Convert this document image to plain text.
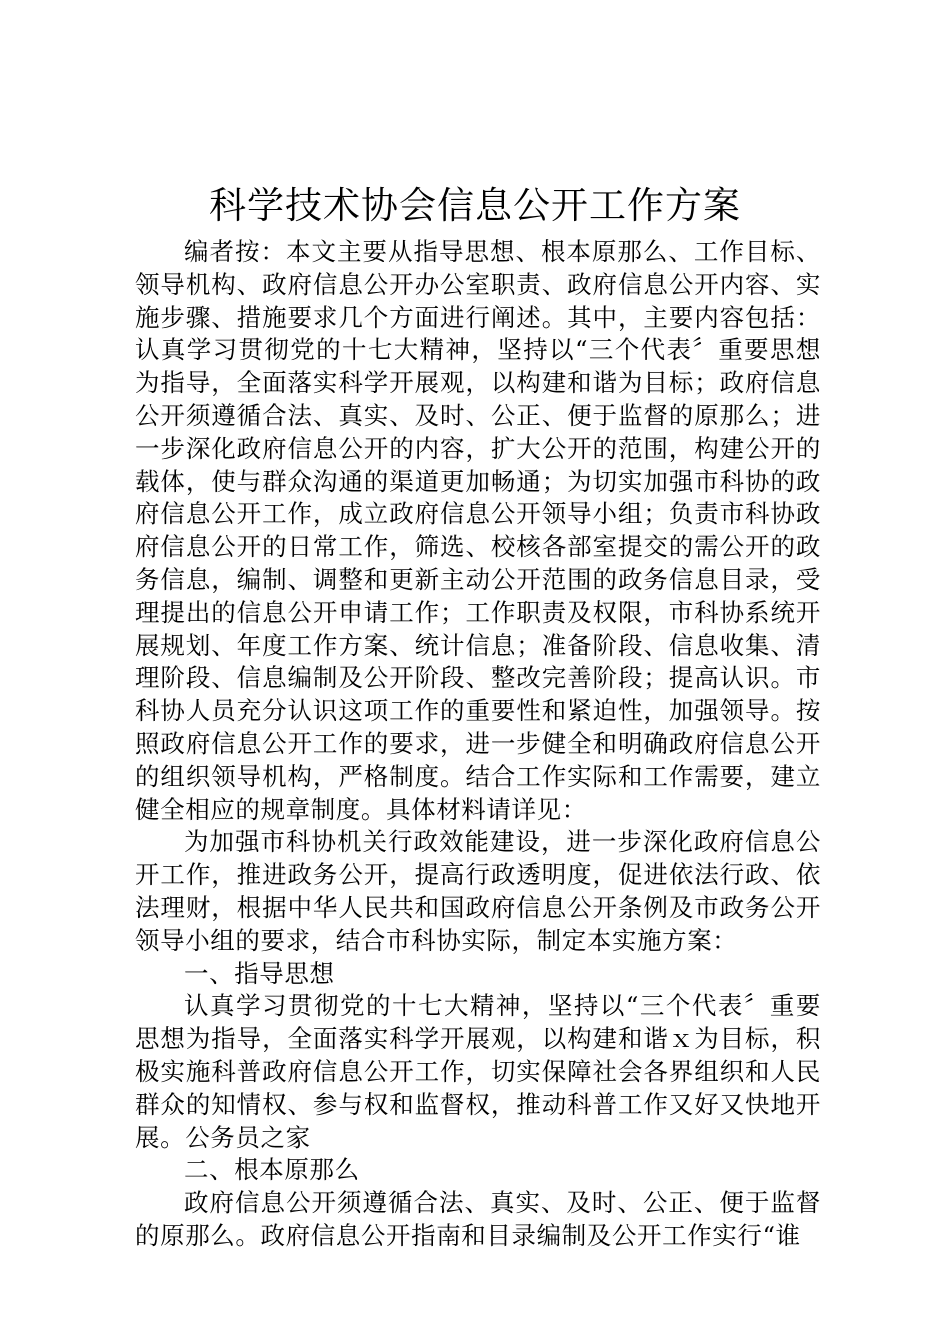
科学技术协会信息公开工作方案

编者按：本文主要从指导思想、根本原那么、工作目标、领导机构、政府信息公开办公室职责、政府信息公开内容、实施步骤、措施要求几个方面进行阐述。其中，主要内容包括：认真学习贯彻党的十七大精神，坚持以“三个代表〞重要思想为指导，全面落实科学开展观，以构建和谐为目标；政府信息公开须遵循合法、真实、及时、公正、便于监督的原那么；进一步深化政府信息公开的内容，扩大公开的范围，构建公开的载体，使与群众沟通的渠道更加畅通；为切实加强市科协的政府信息公开工作，成立政府信息公开领导小组；负责市科协政府信息公开的日常工作，筛选、校核各部室提交的需公开的政务信息，编制、调整和更新主动公开范围的政务信息目录，受理提出的信息公开申请工作；工作职责及权限，市科协系统开展规划、年度工作方案、统计信息；准备阶段、信息收集、清理阶段、信息编制及公开阶段、整改完善阶段；提高认识。市科协人员充分认识这项工作的重要性和紧迫性，加强领导。按照政府信息公开工作的要求，进一步健全和明确政府信息公开的组织领导机构，严格制度。结合工作实际和工作需要，建立健全相应的规章制度。具体材料请详见：

为加强市科协机关行政效能建设，进一步深化政府信息公开工作，推进政务公开，提高行政透明度，促进依法行政、依法理财，根据中华人民共和国政府信息公开条例及市政务公开领导小组的要求，结合市科协实际，制定本实施方案：

一、指导思想

认真学习贯彻党的十七大精神，坚持以“三个代表〞重要思想为指导，全面落实科学开展观，以构建和谐ｘ为目标，积极实施科普政府信息公开工作，切实保障社会各界组织和人民群众的知情权、参与权和监督权，推动科普工作又好又快地开展。公务员之家

二、根本原那么

政府信息公开须遵循合法、真实、及时、公正、便于监督的原那么。政府信息公开指南和目录编制及公开工作实行“谁
